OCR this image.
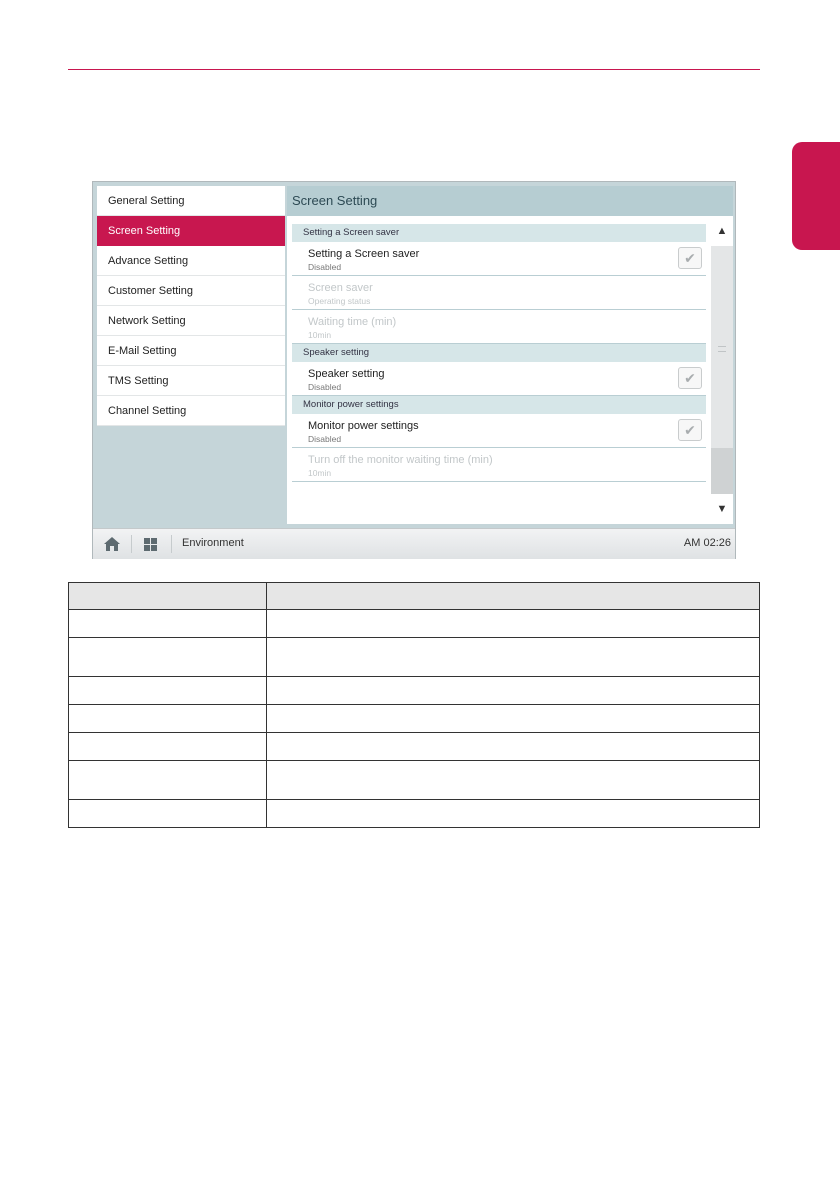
General Setting
Screen Setting
Advance Setting
Customer Setting
Network Setting
E-Mail Setting
TMS Setting
Channel Setting
Screen Setting
Setting a Screen saver
Setting a Screen saver
Disabled
✔
Screen saver
Operating status
Waiting time (min)
10min
Speaker setting
Speaker setting
Disabled
✔
Monitor power settings
Monitor power settings
Disabled
✔
Turn off the monitor waiting time (min)
10min
▲
▼
Environment	AM 02:26
